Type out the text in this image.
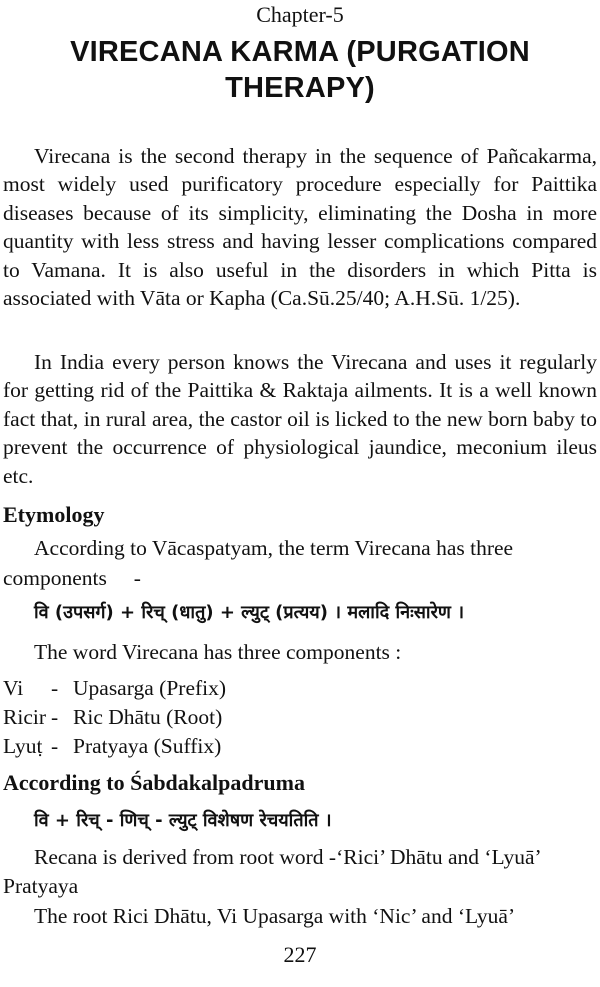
Chapter-5
VIRECANA KARMA (PURGATION THERAPY)

Virecana is the second therapy in the sequence of Pañcakarma, most widely used purificatory procedure especially for Paittika diseases because of its simplicity, eliminating the Dosha in more quantity with less stress and having lesser complications compared to Vamana. It is also useful in the disorders in which Pitta is associated with Vāta or Kapha (Ca.Sū.25/40; A.H.Sū. 1/25).

In India every person knows the Virecana and uses it regularly for getting rid of the Paittika & Raktaja ailments. It is a well known fact that, in rural area, the castor oil is licked to the new born baby to prevent the occurrence of physiological jaundice, meconium ileus etc.

Etymology
According to Vācaspatyam, the term Virecana has three
components     -
वि (उपसर्ग) + रिच् (धातु) + ल्युट् (प्रत्यय) । मलादि निःसारेण ।
The word Virecana has three components :
Vi - Upasarga (Prefix)
Ricir - Ric Dhātu (Root)
Lyuṭ - Pratyaya (Suffix)
According to Śabdakalpadruma
वि + रिच् - णिच् - ल्युट् विशेषण रेचयतिति ।
Recana is derived from root word -‘Rici’ Dhātu and ‘Lyuā’
Pratyaya
The root Rici Dhātu, Vi Upasarga with ‘Nic’ and ‘Lyuā’
227
